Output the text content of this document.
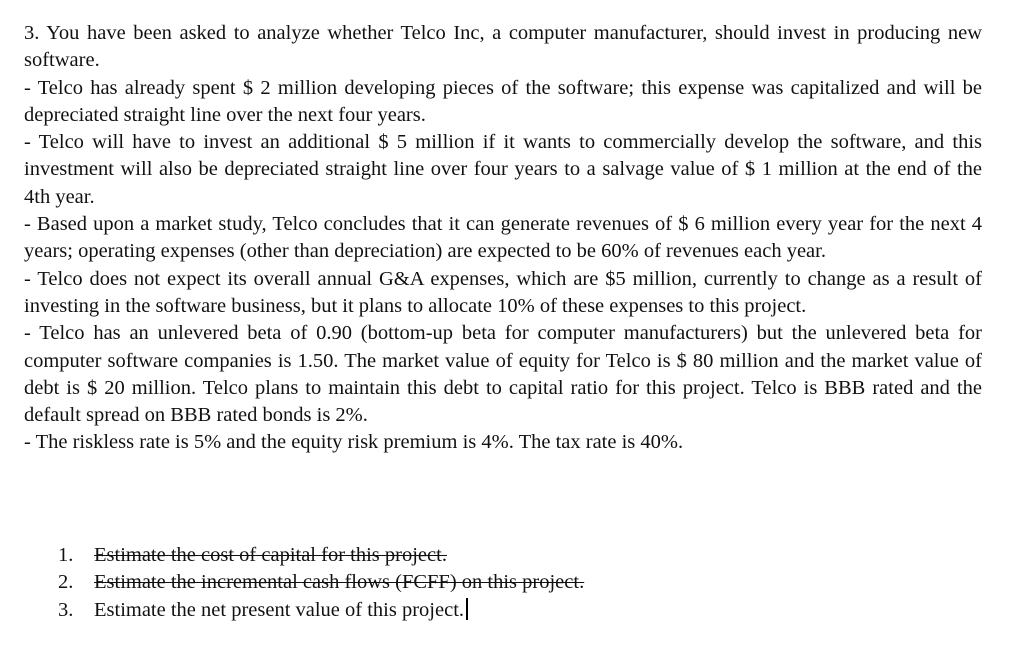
3. You have been asked to analyze whether Telco Inc, a computer manufacturer, should invest in producing new software.

- Telco has already spent $ 2 million developing pieces of the software; this expense was capitalized and will be depreciated straight line over the next four years.

- Telco will have to invest an additional $ 5 million if it wants to commercially develop the software, and this investment will also be depreciated straight line over four years to a salvage value of $ 1 million at the end of the 4th year.

- Based upon a market study, Telco concludes that it can generate revenues of $ 6 million every year for the next 4 years; operating expenses (other than depreciation) are expected to be 60% of revenues each year.

- Telco does not expect its overall annual G&A expenses, which are $5 million, currently to change as a result of investing in the software business, but it plans to allocate 10% of these expenses to this project.

- Telco has an unlevered beta of 0.90 (bottom-up beta for computer manufacturers) but the unlevered beta for computer software companies is 1.50. The market value of equity for Telco is $ 80 million and the market value of debt is $ 20 million. Telco plans to maintain this debt to capital ratio for this project. Telco is BBB rated and the default spread on BBB rated bonds is 2%.

- The riskless rate is 5% and the equity risk premium is 4%. The tax rate is 40%.

1. Estimate the cost of capital for this project.

2. Estimate the incremental cash flows (FCFF) on this project.

3. Estimate the net present value of this project.
